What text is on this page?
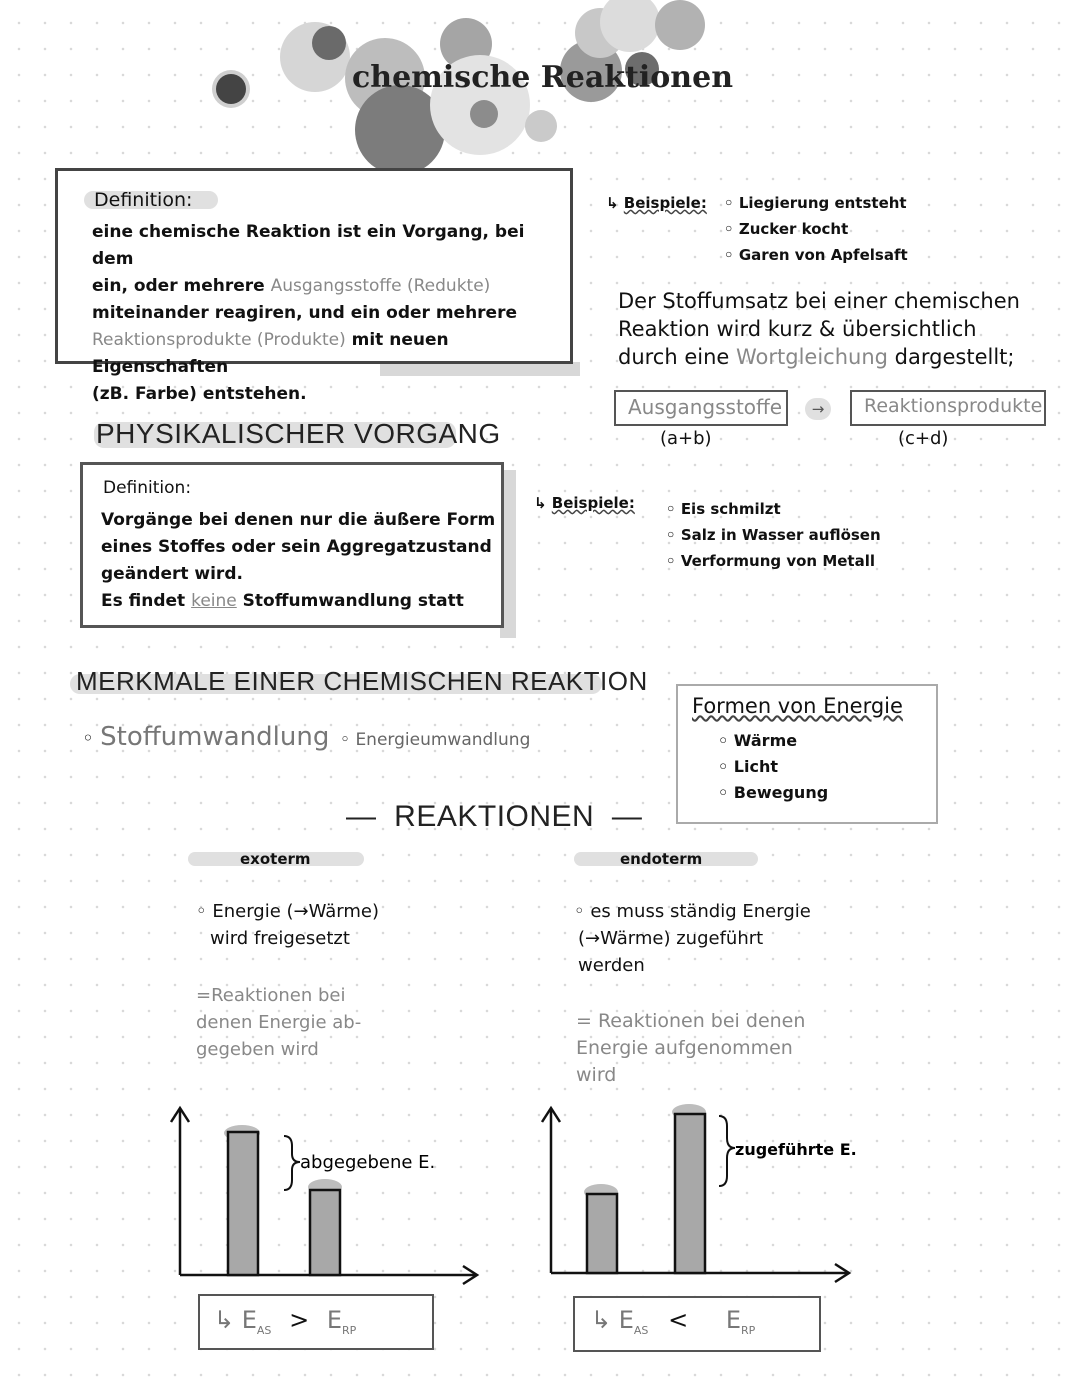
chemische Reaktionen
Definition:
eine chemische Reaktion ist ein Vorgang, bei dem
ein, oder mehrere Ausgangsstoffe (Redukte)
miteinander reagiren, und ein oder mehrere
Reaktionsprodukte (Produkte) mit neuen Eigenschaften
(zB. Farbe) entstehen.
↳ Beispiele: ◦ Liegierung entsteht
◦ Zucker kocht
◦ Garen von Apfelsaft
Der Stoffumsatz bei einer chemischen
Reaktion wird kurz & übersichtlich
durch eine Wortgleichung dargestellt;
Ausgangsstoffe
(a+b)
→	Reaktionsprodukte
(c+d)
PHYSIKALISCHER VORGANG
Definition:
Vorgänge bei denen nur die äußere Form
eines Stoffes oder sein Aggregatzustand
geändert wird.
Es findet keine Stoffumwandlung statt
↳ Beispiele: ◦ Eis schmilzt
◦ Salz in Wasser auflösen
◦ Verformung von Metall
MERKMALE EINER CHEMISCHEN REAKTION
◦ Stoffumwandlung ◦ Energieumwandlung
Formen von Energie
◦ Wärme
◦ Licht
◦ Bewegung
—  REAKTIONEN  —
exoterm
◦ Energie (→Wärme)
wird freigesetzt
=Reaktionen bei
denen Energie ab-
gegeben wird
endoterm
◦ es muss ständig Energie
(→Wärme) zugeführt
werden
= Reaktionen bei denen
Energie aufgenommen
wird
abgegebene E.
zugeführte E.
↳ $E_{AS} > E_{RP}$	↳ $E_{AS} < E_{RP}$
